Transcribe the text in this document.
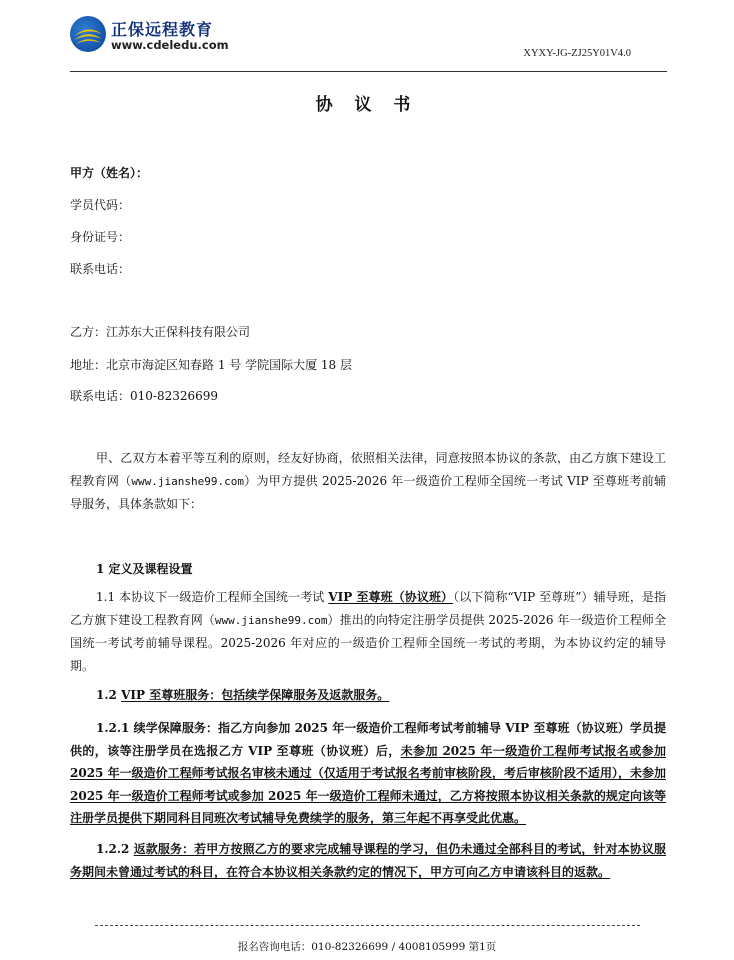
正保远程教育
www.cdeledu.com
XYXY-JG-ZJ25Y01V4.0
协 议 书
甲方（姓名）：
学员代码：
身份证号：
联系电话：
乙方：江苏东大正保科技有限公司
地址：北京市海淀区知春路 1 号 学院国际大厦 18 层
联系电话：010-82326699
甲、乙双方本着平等互利的原则，经友好协商，依照相关法律，同意按照本协议的条款，由乙方旗下建设工程教育网（www.jianshe99.com）为甲方提供 2025-2026 年一级造价工程师全国统一考试 VIP 至尊班考前辅导服务，具体条款如下：
1 定义及课程设置
1.1 本协议下一级造价工程师全国统一考试 VIP 至尊班（协议班）（以下简称“VIP 至尊班”）辅导班，是指乙方旗下建设工程教育网（www.jianshe99.com）推出的向特定注册学员提供 2025-2026 年一级造价工程师全国统一考试考前辅导课程。2025-2026 年对应的一级造价工程师全国统一考试的考期，为本协议约定的辅导期。
1.2 VIP 至尊班服务：包括续学保障服务及返款服务。
1.2.1 续学保障服务：指乙方向参加 2025 年一级造价工程师考试考前辅导 VIP 至尊班（协议班）学员提供的，该等注册学员在选报乙方 VIP 至尊班（协议班）后，未参加 2025 年一级造价工程师考试报名或参加 2025 年一级造价工程师考试报名审核未通过（仅适用于考试报名考前审核阶段，考后审核阶段不适用），未参加 2025 年一级造价工程师考试或参加 2025 年一级造价工程师未通过，乙方将按照本协议相关条款的规定向该等注册学员提供下期同科目同班次考试辅导免费续学的服务，第三年起不再享受此优惠。
1.2.2 返款服务：若甲方按照乙方的要求完成辅导课程的学习，但仍未通过全部科目的考试，针对本协议服务期间未曾通过考试的科目，在符合本协议相关条款约定的情况下，甲方可向乙方申请该科目的返款。
报名咨询电话：010-82326699 / 4008105999 第1页
